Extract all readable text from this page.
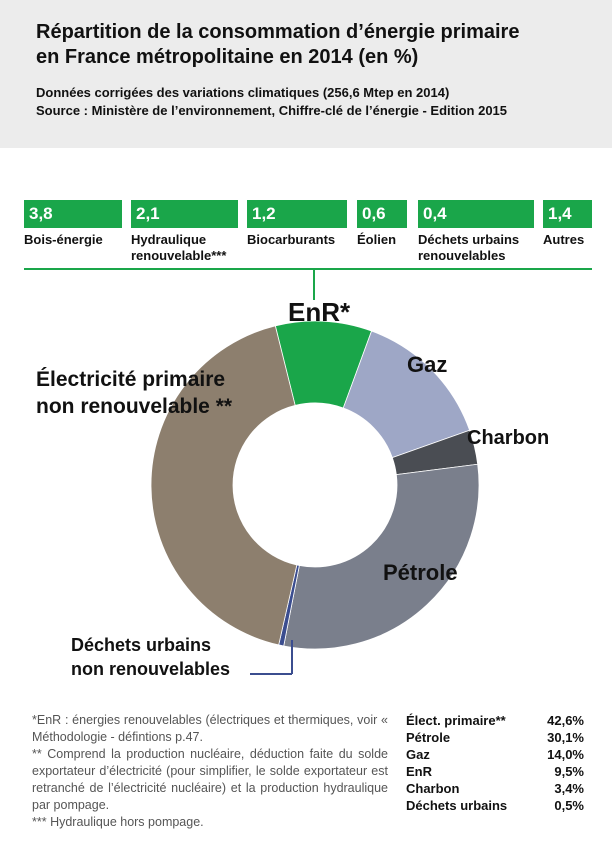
Répartition de la consommation d’énergie primaire
en France métropolitaine en 2014 (en %)
Données corrigées des variations climatiques (256,6 Mtep en 2014)
Source : Ministère de l’environnement, Chiffre-clé de l’énergie - Edition 2015
3,8
Bois-énergie
2,1
Hydraulique
renouvelable***
1,2
Biocarburants
0,6
Éolien
0,4
Déchets urbains
renouvelables
1,4
Autres
EnR*
Gaz
Charbon
Pétrole
Déchets urbains
non renouvelables
Électricité primaire
non renouvelable **

*EnR : énergies renouvelables (électriques et thermiques, voir « Méthodologie - défintions p.47.

** Comprend la production nucléaire, déduction faite du solde exportateur d’électricité (pour simplifier, le solde exportateur est retranché de l’électricité nucléaire) et la production hydraulique par pompage.

*** Hydraulique hors pompage.

Élect. primaire**	42,6%
Pétrole	30,1%
Gaz	14,0%
EnR	9,5%
Charbon	3,4%
Déchets urbains	0,5%
